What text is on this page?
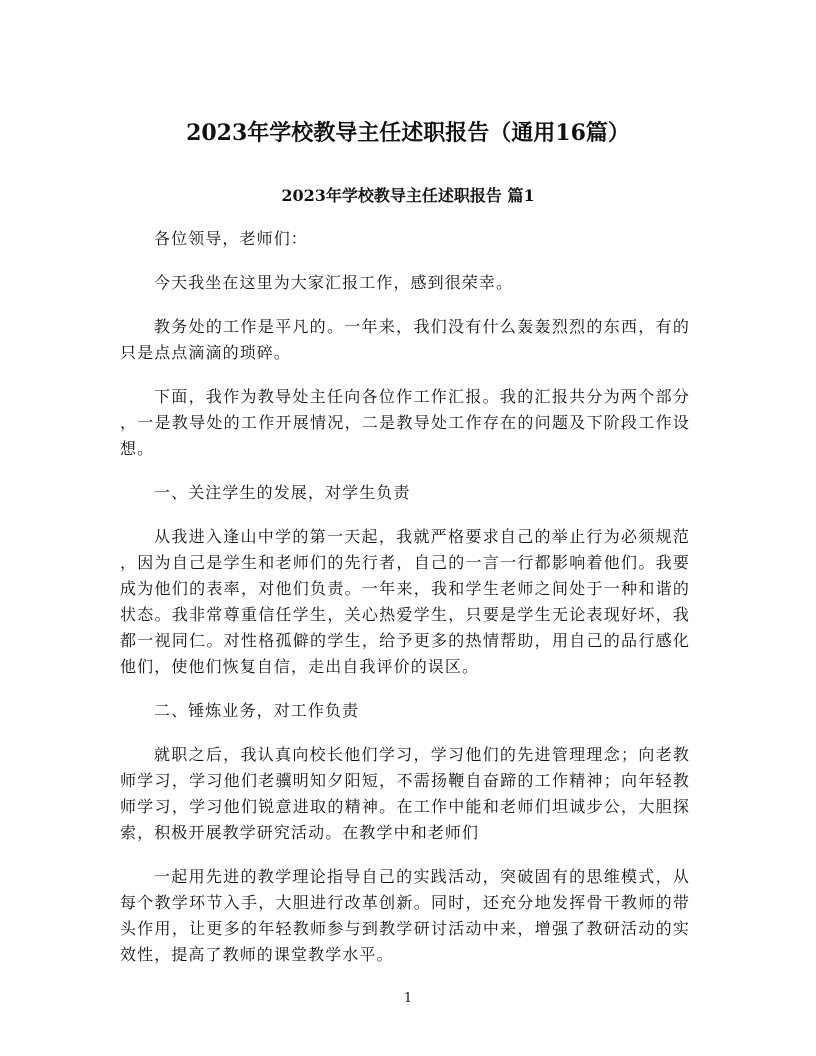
2023年学校教导主任述职报告（通用16篇）
2023年学校教导主任述职报告 篇1
各位领导，老师们：
今天我坐在这里为大家汇报工作，感到很荣幸。
教务处的工作是平凡的。一年来，我们没有什么轰轰烈烈的东西，有的
只是点点滴滴的琐碎。
下面，我作为教导处主任向各位作工作汇报。我的汇报共分为两个部分
，一是教导处的工作开展情况，二是教导处工作存在的问题及下阶段工作设
想。
一、关注学生的发展，对学生负责
从我进入逢山中学的第一天起，我就严格要求自己的举止行为必须规范
，因为自己是学生和老师们的先行者，自己的一言一行都影响着他们。我要
成为他们的表率，对他们负责。一年来，我和学生老师之间处于一种和谐的
状态。我非常尊重信任学生，关心热爱学生，只要是学生无论表现好坏，我
都一视同仁。对性格孤僻的学生，给予更多的热情帮助，用自己的品行感化
他们，使他们恢复自信，走出自我评价的误区。
二、锤炼业务，对工作负责
就职之后，我认真向校长他们学习，学习他们的先进管理理念；向老教
师学习，学习他们老骥明知夕阳短，不需扬鞭自奋蹄的工作精神；向年轻教
师学习，学习他们锐意进取的精神。在工作中能和老师们坦诚步公，大胆探
索，积极开展教学研究活动。在教学中和老师们
一起用先进的教学理论指导自己的实践活动，突破固有的思维模式，从
每个教学环节入手，大胆进行改革创新。同时，还充分地发挥骨干教师的带
头作用，让更多的年轻教师参与到教学研讨活动中来，增强了教研活动的实
效性，提高了教师的课堂教学水平。
1
